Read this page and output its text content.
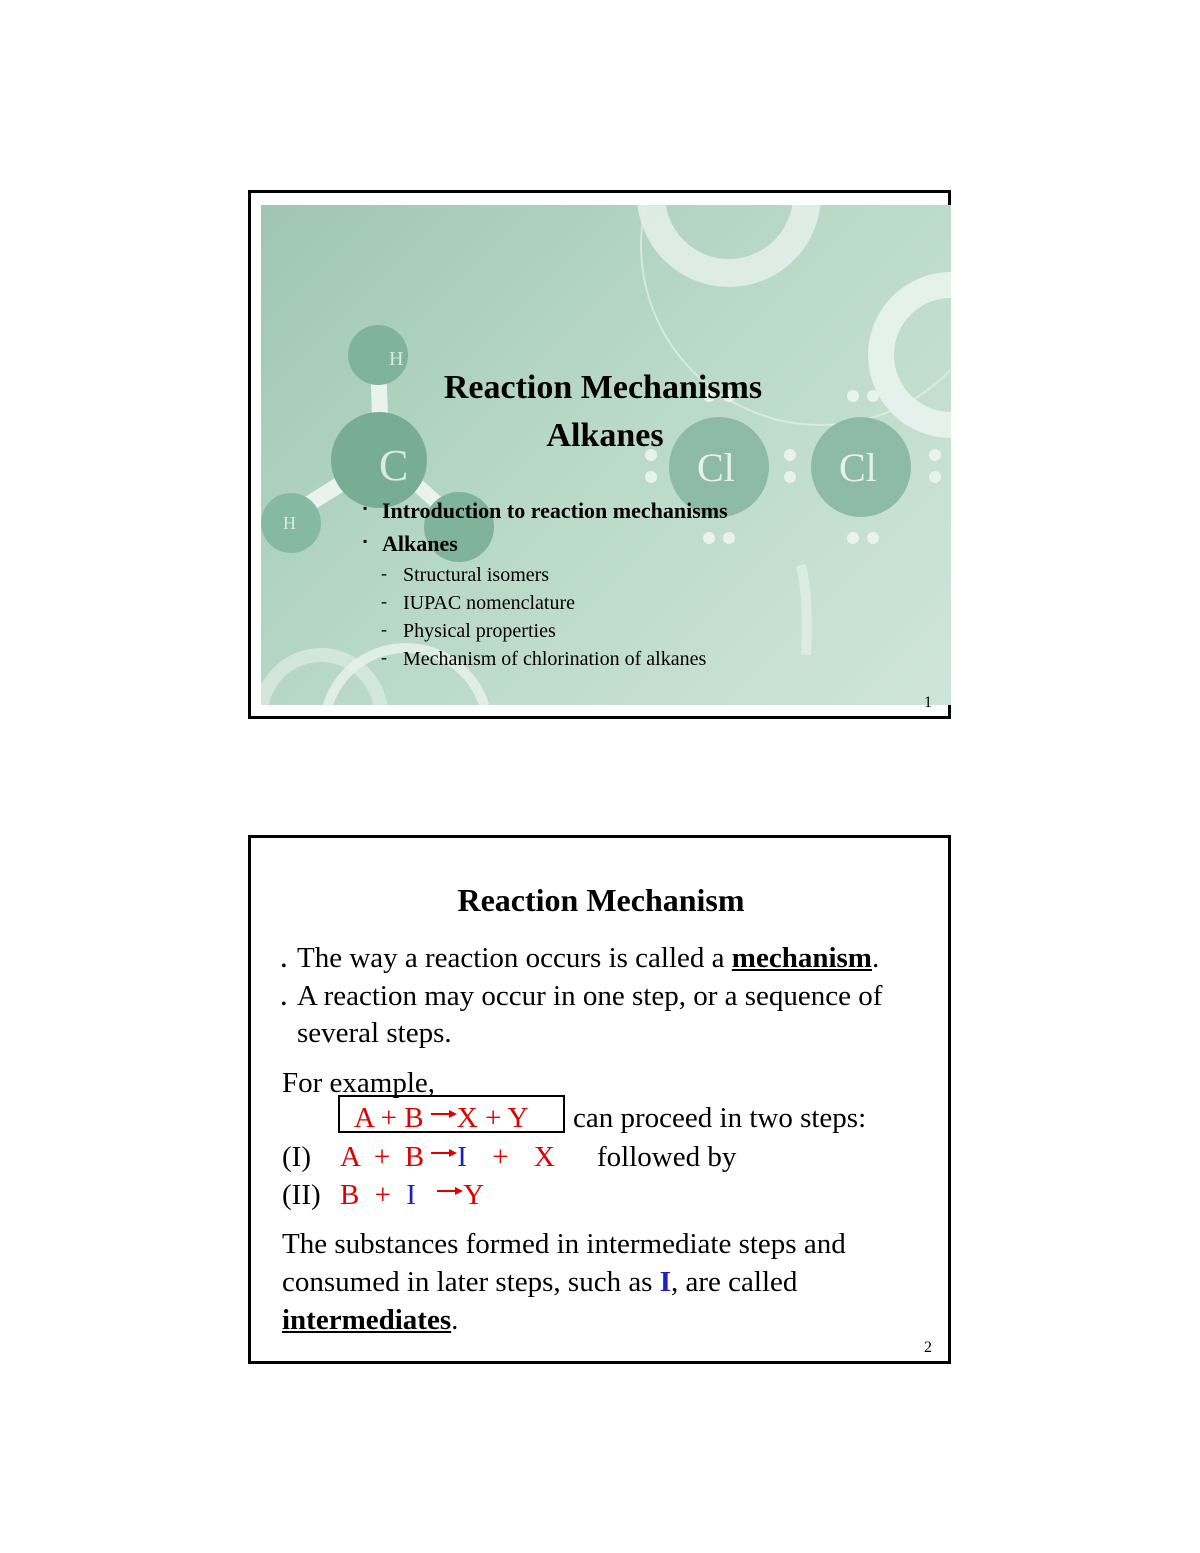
H
C
H
Cl	Cl
Reaction Mechanisms
Alkanes
▪ Introduction to reaction mechanisms
▪ Alkanes
- Structural isomers
- IUPAC nomenclature
- Physical properties
- Mechanism of chlorination of alkanes
1
Reaction Mechanism
• The way a reaction occurs is called a mechanism.
• A reaction may occur in one step, or a sequence of
several steps.
For example,
A + B →X + Y can proceed in two steps:
(I) A  +  B →I + X followed by
(II) B + I →Y
The substances formed in intermediate steps and
consumed in later steps, such as I, are called
intermediates.
2
